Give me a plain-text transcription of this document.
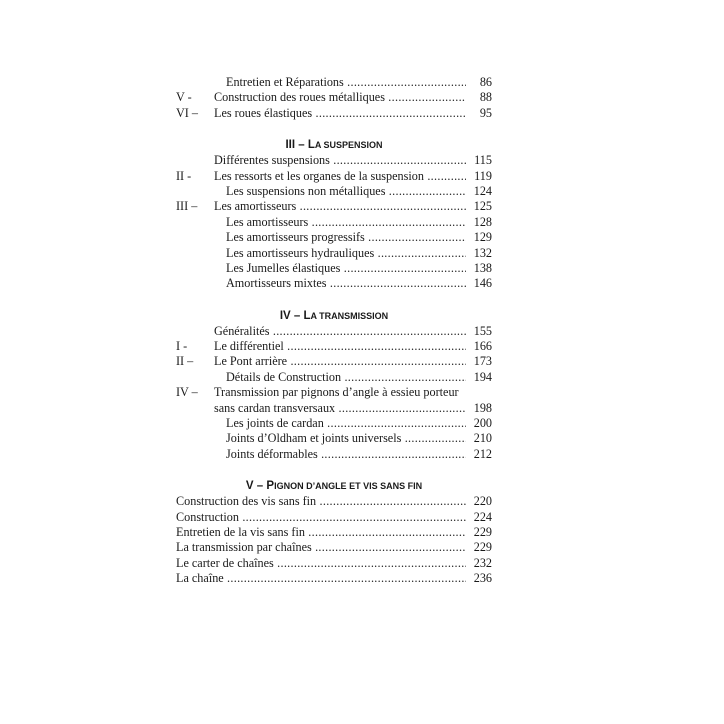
Entretien et Réparations .....	86
V - Construction des roues métalliques .....	88
VI – Les roues élastiques .....	95
III – LA SUSPENSION
Différentes suspensions .....	115
II - Les ressorts et les organes de la suspension .....	119
Les suspensions non métalliques .....	124
III – Les amortisseurs .....	125
Les amortisseurs .....	128
Les amortisseurs progressifs .....	129
Les amortisseurs hydrauliques .....	132
Les Jumelles élastiques .....	138
Amortisseurs mixtes .....	146
IV – LA TRANSMISSION
Généralités .....	155
I - Le différentiel .....	166
II – Le Pont arrière .....	173
Détails de Construction .....	194
IV – Transmission par pignons d’angle à essieu porteur
sans cardan transversaux .....	198
Les joints de cardan .....	200
Joints d’Oldham et joints universels .....	210
Joints déformables .....	212
V – PIGNON D’ANGLE ET VIS SANS FIN
Construction des vis sans fin .....	220
Construction .....	224
Entretien de la vis sans fin .....	229
La transmission par chaînes .....	229
Le carter de chaînes .....	232
La chaîne .....	236
